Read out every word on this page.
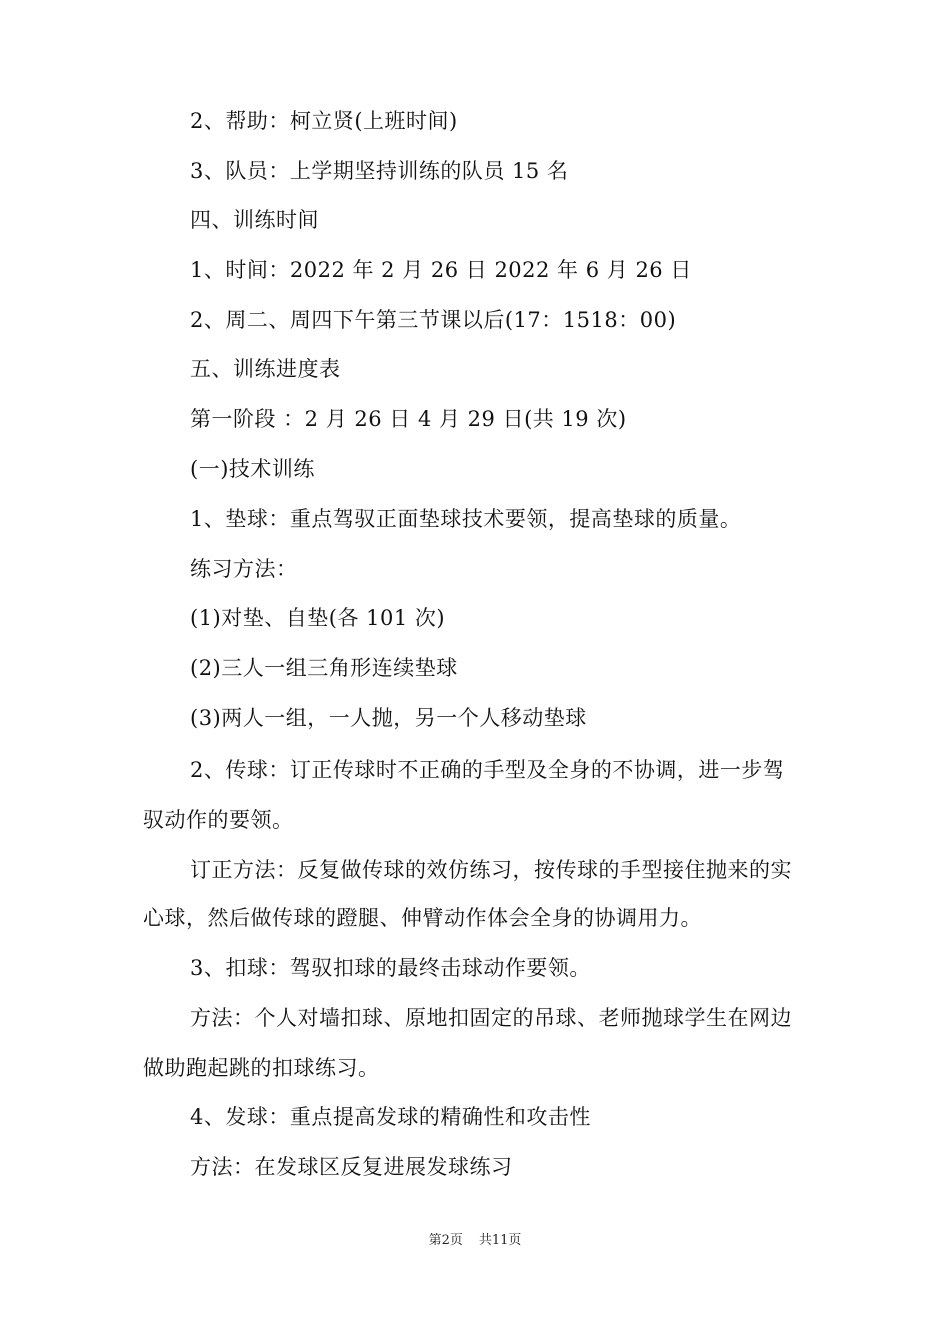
2、帮助：柯立贤(上班时间)
3、队员：上学期坚持训练的队员 15 名
四、训练时间
1、时间：2022 年 2 月 26 日 2022 年 6 月 26 日
2、周二、周四下午第三节课以后(17：1518：00)
五、训练进度表
第一阶段 ：2 月 26 日 4 月 29 日(共 19 次)
(一)技术训练
1、垫球：重点驾驭正面垫球技术要领，提高垫球的质量。
练习方法：
(1)对垫、自垫(各 101 次)
(2)三人一组三角形连续垫球
(3)两人一组，一人抛，另一个人移动垫球
2、传球：订正传球时不正确的手型及全身的不协调，进一步驾
驭动作的要领。
订正方法：反复做传球的效仿练习，按传球的手型接住抛来的实
心球，然后做传球的蹬腿、伸臂动作体会全身的协调用力。
3、扣球：驾驭扣球的最终击球动作要领。
方法：个人对墙扣球、原地扣固定的吊球、老师抛球学生在网边
做助跑起跳的扣球练习。
4、发球：重点提高发球的精确性和攻击性
方法：在发球区反复进展发球练习
第2页 共11页
